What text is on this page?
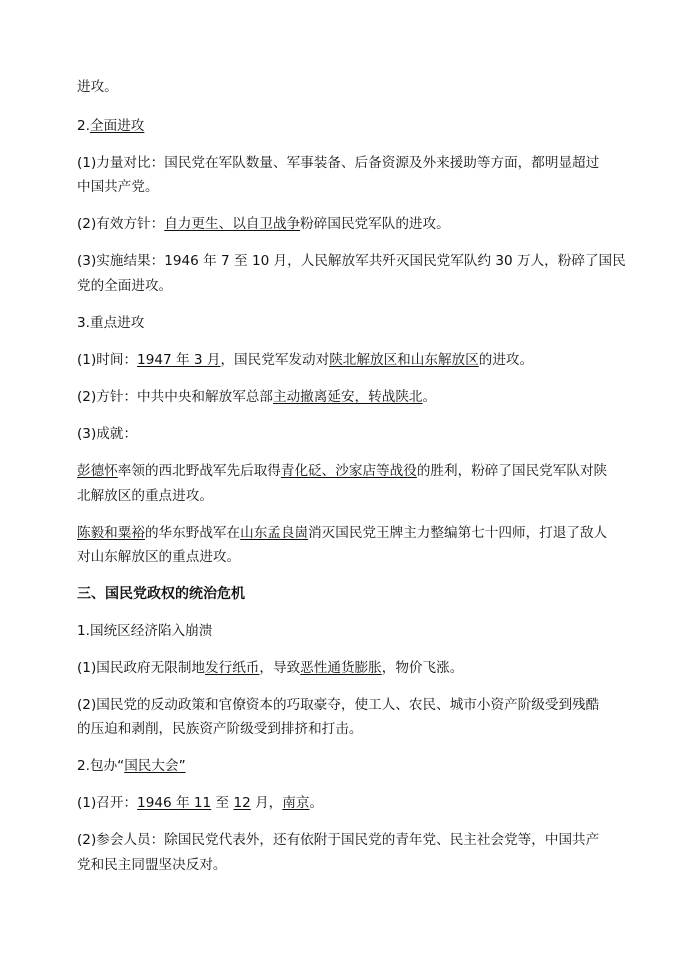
进攻。
2.全面进攻
(1)力量对比：国民党在军队数量、军事装备、后备资源及外来援助等方面，都明显超过
中国共产党。
(2)有效方针：自力更生、以自卫战争粉碎国民党军队的进攻。
(3)实施结果：1946 年 7 至 10 月，人民解放军共歼灭国民党军队约 30 万人，粉碎了国民
党的全面进攻。
3.重点进攻
(1)时间：1947 年 3 月，国民党军发动对陕北解放区和山东解放区的进攻。
(2)方针：中共中央和解放军总部主动撤离延安，转战陕北。
(3)成就：
彭德怀率领的西北野战军先后取得青化砭、沙家店等战役的胜利，粉碎了国民党军队对陕
北解放区的重点进攻。
陈毅和粟裕的华东野战军在山东孟良崮消灭国民党王牌主力整编第七十四师，打退了敌人
对山东解放区的重点进攻。
三、国民党政权的统治危机
1.国统区经济陷入崩溃
(1)国民政府无限制地发行纸币，导致恶性通货膨胀，物价飞涨。
(2)国民党的反动政策和官僚资本的巧取豪夺，使工人、农民、城市小资产阶级受到残酷
的压迫和剥削，民族资产阶级受到排挤和打击。
2.包办“国民大会”
(1)召开：1946 年 11 至 12 月，南京。
(2)参会人员：除国民党代表外，还有依附于国民党的青年党、民主社会党等，中国共产
党和民主同盟坚决反对。
